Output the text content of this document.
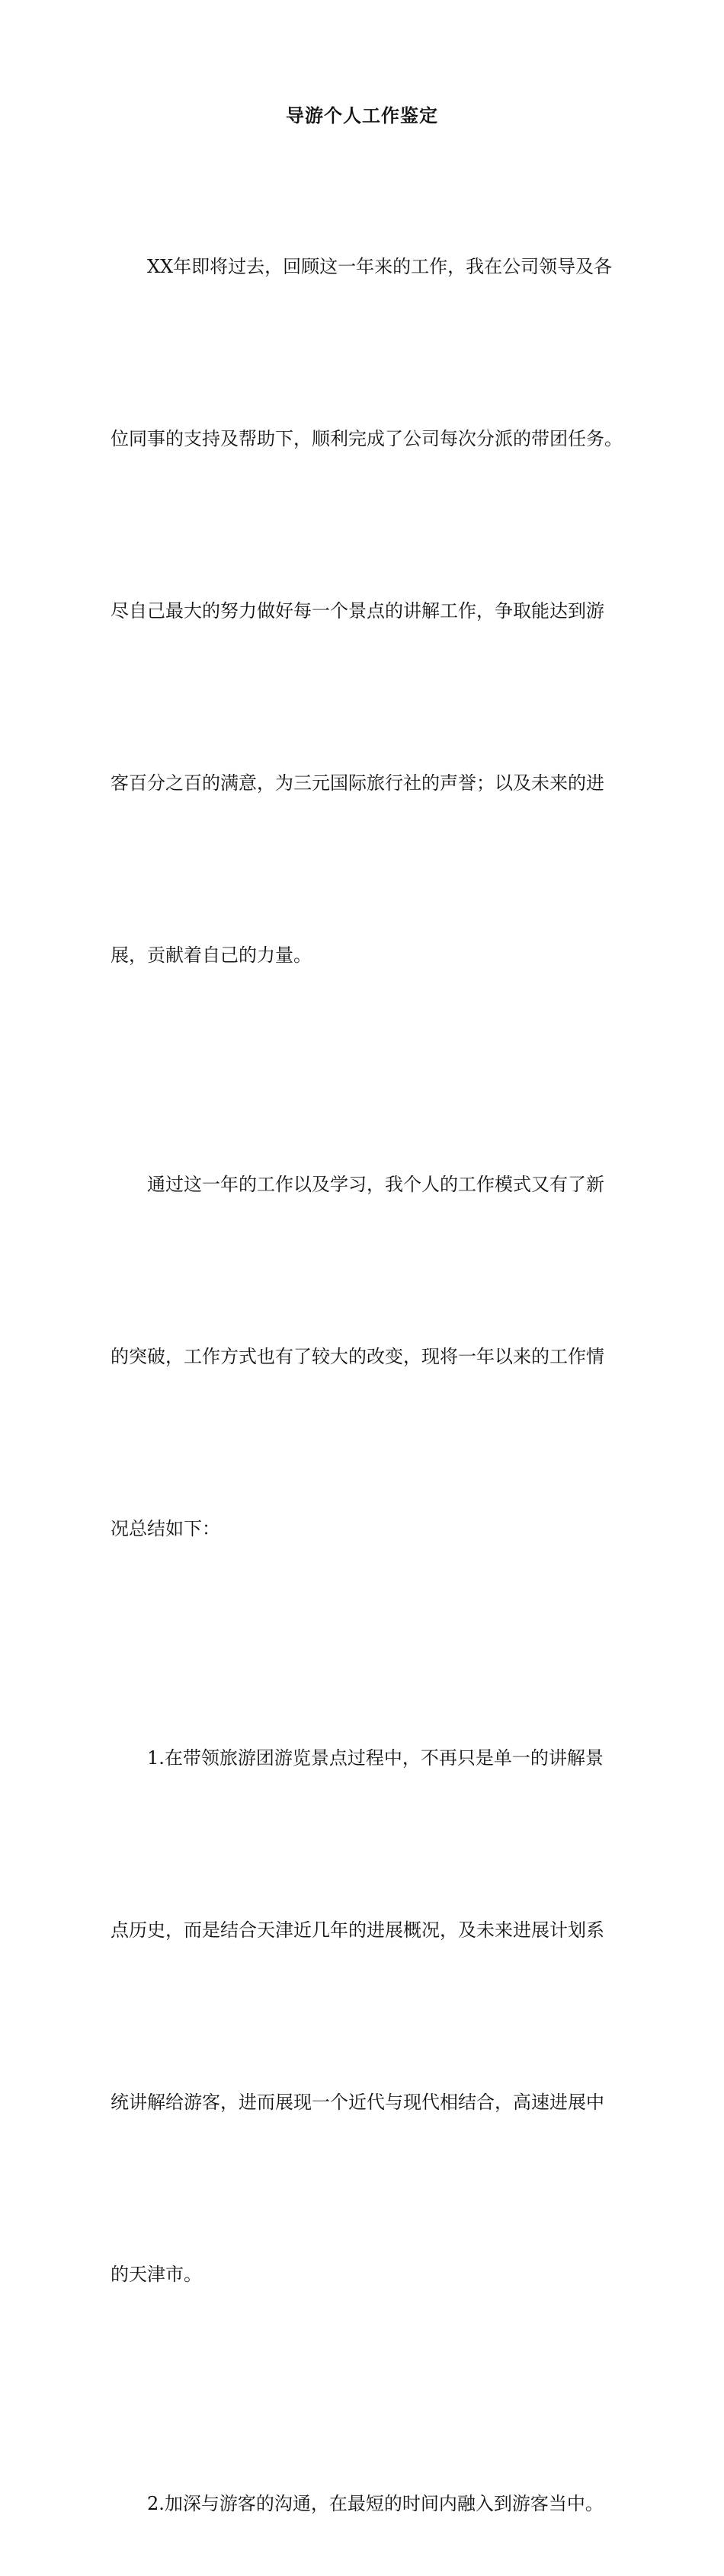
导游个人工作鉴定

XX年即将过去，回顾这一年来的工作，我在公司领导及各

位同事的支持及帮助下，顺利完成了公司每次分派的带团任务。

尽自己最大的努力做好每一个景点的讲解工作，争取能达到游

客百分之百的满意，为三元国际旅行社的声誉；以及未来的进

展，贡献着自己的力量。

通过这一年的工作以及学习，我个人的工作模式又有了新

的突破，工作方式也有了较大的改变，现将一年以来的工作情

况总结如下：

1.在带领旅游团游览景点过程中，不再只是单一的讲解景

点历史，而是结合天津近几年的进展概况，及未来进展计划系

统讲解给游客，进而展现一个近代与现代相结合，高速进展中

的天津市。

2.加深与游客的沟通，在最短的时间内融入到游客当中。
